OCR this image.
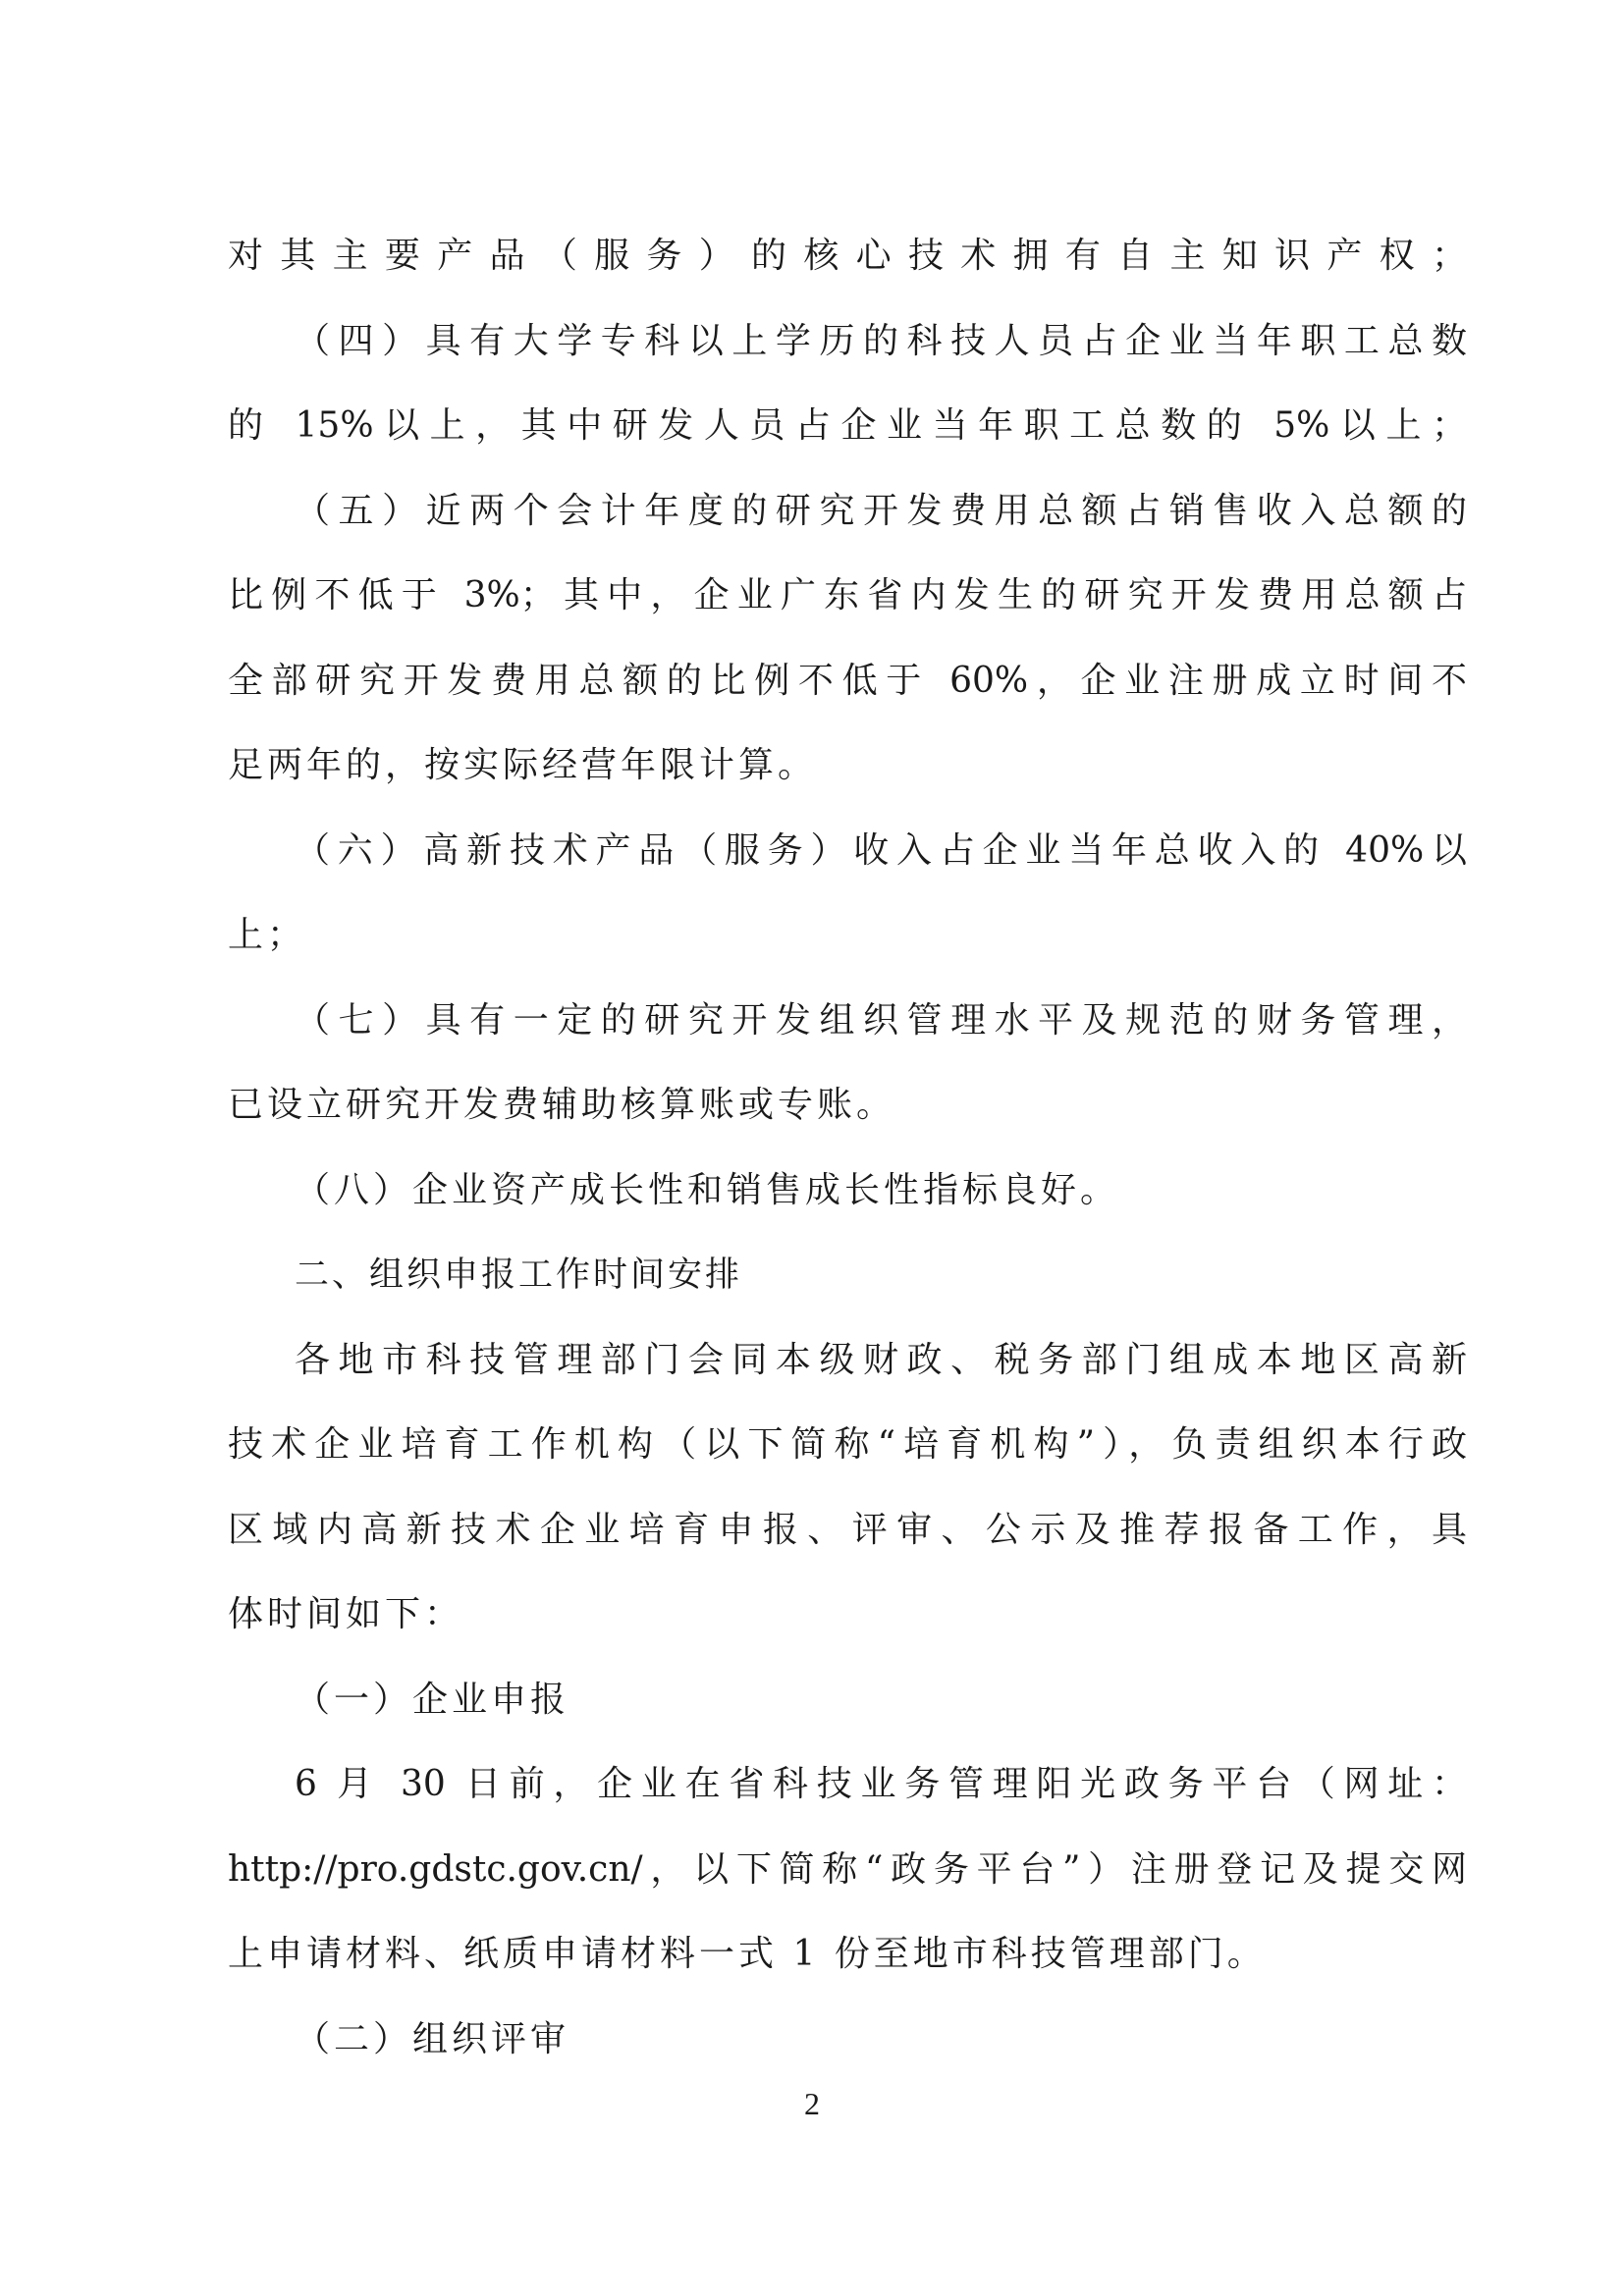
对其主要产品（服务）的核心技术拥有自主知识产权；
（四）具有大学专科以上学历的科技人员占企业当年职工总数
的 15%以上，其中研发人员占企业当年职工总数的 5%以上；
（五）近两个会计年度的研究开发费用总额占销售收入总额的
比例不低于 3%；其中，企业广东省内发生的研究开发费用总额占
全部研究开发费用总额的比例不低于 60%，企业注册成立时间不
足两年的，按实际经营年限计算。
（六）高新技术产品（服务）收入占企业当年总收入的 40%以
上；
（七）具有一定的研究开发组织管理水平及规范的财务管理，
已设立研究开发费辅助核算账或专账。
（八）企业资产成长性和销售成长性指标良好。
二、组织申报工作时间安排
各地市科技管理部门会同本级财政、税务部门组成本地区高新
技术企业培育工作机构（以下简称“培育机构”），负责组织本行政
区域内高新技术企业培育申报、评审、公示及推荐报备工作，具
体时间如下：
（一）企业申报
6 月 30 日前，企业在省科技业务管理阳光政务平台（网址：
http://pro.gdstc.gov.cn/，以下简称“政务平台”）注册登记及提交网
上申请材料、纸质申请材料一式 1 份至地市科技管理部门。
（二）组织评审
2
